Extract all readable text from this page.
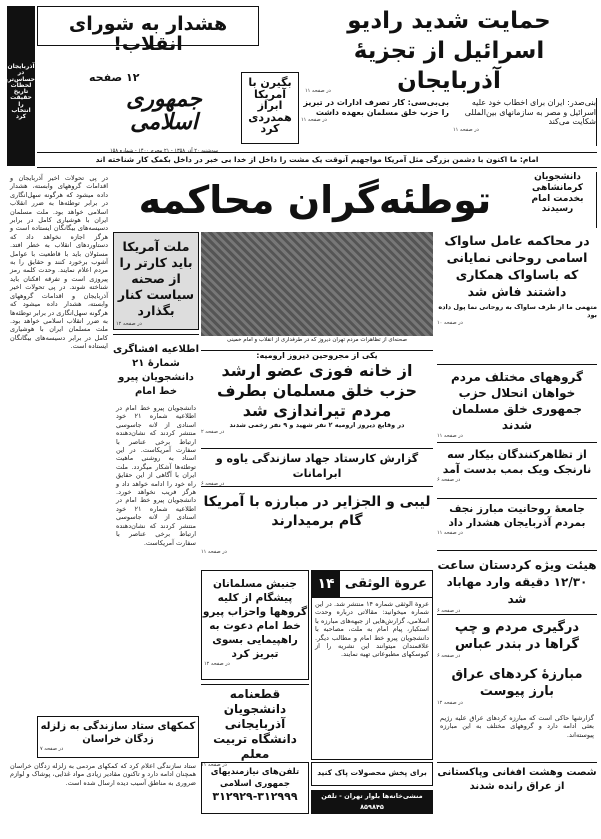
هشدار به شورای انقلاب!
حمایت شدید رادیو اسرائیل از تجزیهٔ آذربایجان
در صفحه ۱۱
آذربایجان
در
حساس‌ترین
لحظات
تاریخ
حقیقت را
انتخاب کرد
۱۲ صفحه
جمهوری اسلامی
سه‌شنبه ۲۰ آذر ۱۳۵۸ - ۲۱ محرم ۱۴۰۰ - شماره ۱۵۸
بگیرن با آمریکا ابراز همدردی کرد
بی‌بی‌سی: کار تصرف ادارات در تبریز را حزب خلق مسلمان بعهده داشت
در صفحه ۱۱
بنی‌صدر: ایران برای اخطاب خود علیه اسرائیل و مصر به سازمانهای بین‌المللی شکایت می‌کند
در صفحه ۱۱
امام: ما اکنون با دشمن بزرگی مثل آمریکا مواجهیم آنوقت یک مشت را داخل از خدا بی خبر در داخل بکمک کار شناخته اند
در پی تحولات اخیر آذربایجان و اقدامات گروههای وابسته، هشدار داده میشود که هرگونه سهل‌انگاری در برابر توطئه‌ها به ضرر انقلاب اسلامی خواهد بود. ملت مسلمان ایران با هوشیاری کامل در برابر دسیسه‌های بیگانگان ایستاده است و هرگز اجازه نخواهد داد که دستاوردهای انقلاب به خطر افتد. مسئولان باید با قاطعیت با عوامل آشوب برخورد کنند و حقایق را به مردم اعلام نمایند. وحدت کلمه رمز پیروزی است و تفرقه افکنان باید شناخته شوند. در پی تحولات اخیر آذربایجان و اقدامات گروههای وابسته، هشدار داده میشود که هرگونه سهل‌انگاری در برابر توطئه‌ها به ضرر انقلاب اسلامی خواهد بود. ملت مسلمان ایران با هوشیاری کامل در برابر دسیسه‌های بیگانگان ایستاده است.
توطئه‌گران محاکمه
دانشجویان کرمانشاهی بخدمت امام رسیدند
ملت آمریکا باید کارتر را از صحنه سیاست کنار بگذارد
در صفحه ۱۲
صحنه‌ای از تظاهرات مردم تهران دیروز که در طرفداری از انقلاب و امام خمینی
در محاکمه عامل ساواک اسامی روحانی نمایانی که باساواک همکاری داشتند فاش شد
متهمی ما از طرف ساواک به روحانی نما پول داده بود
در صفحه ۱۰
اطلاعیه افشاگری شمارهٔ ۲۱ دانشجویان پیرو خط امام
یکی از مجروحین دیروز ارومیه:
از خانه فوزی عضو ارشد حزب خلق مسلمان بطرف مردم تیراندازی شد
در وقایع دیروز ارومیه ۲ نفر شهید و ۹ نفر زخمی شدند
در صفحه ۲
گروههای مختلف مردم خواهان انحلال حزب جمهوری خلق مسلمان شدند
در صفحه ۱۱
دانشجویان پیرو خط امام در اطلاعیه شماره ۲۱ خود اسنادی از لانه جاسوسی منتشر کردند که نشان‌دهنده ارتباط برخی عناصر با سفارت آمریکاست. در این اسناد به روشنی ماهیت توطئه‌ها آشکار میگردد. ملت ایران با آگاهی از این حقایق راه خود را ادامه خواهد داد و هرگز فریب نخواهد خورد. دانشجویان پیرو خط امام در اطلاعیه شماره ۲۱ خود اسنادی از لانه جاسوسی منتشر کردند که نشان‌دهنده ارتباط برخی عناصر با سفارت آمریکاست.
گزارش کارستاد جهاد سازندگی یاوه و ابرامانات
در صفحه ۶
از تظاهرکنندگان بیکار سه نارنجک ویک بمب بدست آمد
در صفحه ۶
لیبی و الجزایر در مبارزه با آمریکا گام برمیدارند
در صفحه ۱۱
جامعهٔ روحانیت مبارز نجف بمردم آذربایجان هشدار داد
در صفحه ۱۱
هیئت ویژه کردستان ساعت ۱۲/۳۰ دقیقه وارد مهاباد شد
در صفحه ۶
جنبش مسلمانان پیشگام از کلیه گروهها واحزاب پیرو خط امام دعوت به راهپیمایی بسوی تبریز کرد
در صفحه ۱۲
عروة الوثقی
۱۴
عروة الوثقی شماره ۱۴ منتشر شد. در این شماره میخوانید: مقالاتی درباره وحدت اسلامی، گزارش‌هایی از جبهه‌های مبارزه با استکبار، پیام امام به ملت، مصاحبه با دانشجویان پیرو خط امام و مطالب دیگر. علاقمندان میتوانند این نشریه را از کیوسکهای مطبوعاتی تهیه نمایند.
درگیری مردم و چپ گراها در بندر عباس
در صفحه ۶
مبارزهٔ کردهای عراق بارز پیوست
در صفحه ۱۲
قطعنامه دانشجویان آذربایجانی دانشگاه تربیت معلم
در صفحه ۱۱
گزارشها حاکی است که مبارزه کردهای عراق علیه رژیم بعثی ادامه دارد و گروههای مختلف به این مبارزه پیوسته‌اند.
کمکهای ستاد سازندگی به زلزله زدگان خراسان
در صفحه ۷
شصت وهشت افغانی وپاکستانی از عراق رانده شدند
تلفن‌های نیازمندیهای جمهوری اسلامی
۳۱۲۹۲۹-۳۱۲۹۹۹
برای پخش محصولات پاک کنید
منشی‌خانه‌ها بلوار تهران - تلفن ۸۵۹۸۴۵
ستاد سازندگی اعلام کرد که کمکهای مردمی به زلزله زدگان خراسان همچنان ادامه دارد و تاکنون مقادیر زیادی مواد غذایی، پوشاک و لوازم ضروری به مناطق آسیب دیده ارسال شده است.
